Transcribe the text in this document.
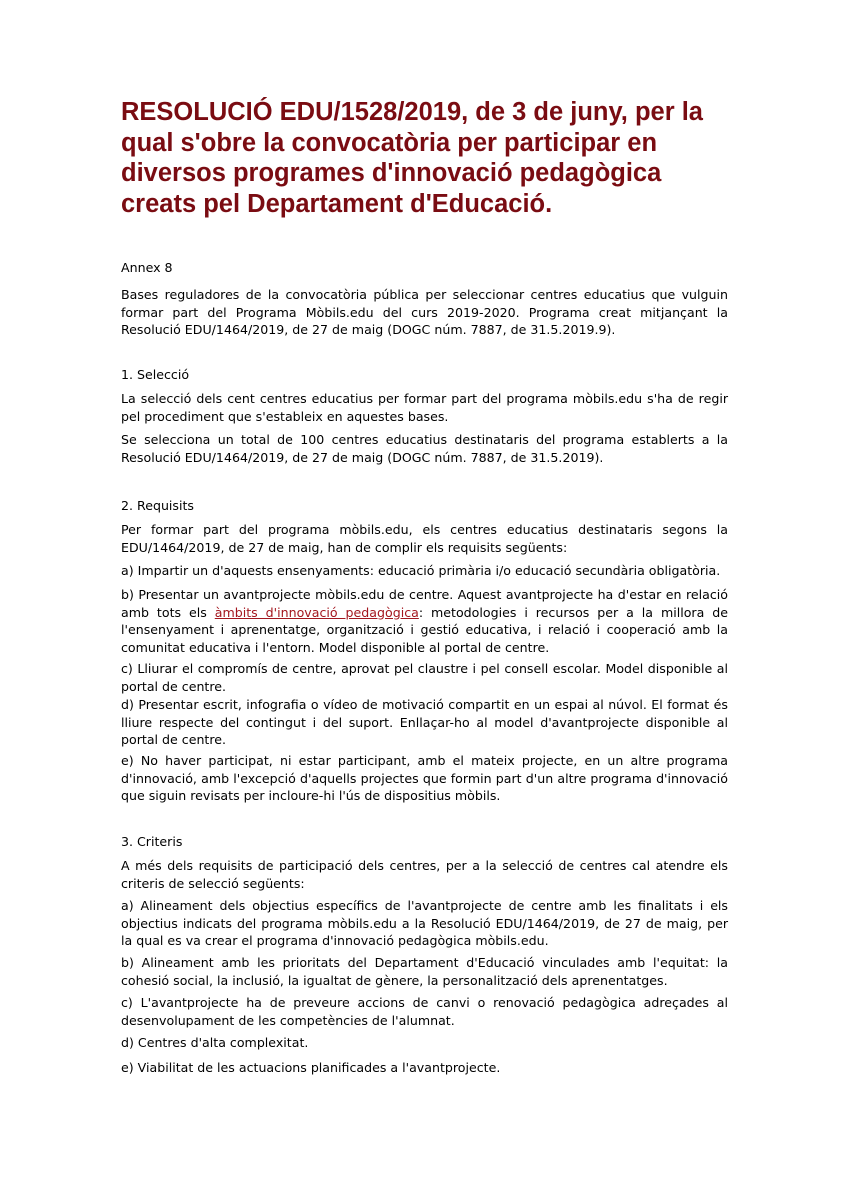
RESOLUCIÓ EDU/1528/2019, de 3 de juny, per la qual s'obre la convocatòria per participar en diversos programes d'innovació pedagògica creats pel Departament d'Educació.

Annex 8

Bases reguladores de la convocatòria pública per seleccionar centres educatius que vulguin formar part del Programa Mòbils.edu del curs 2019-2020. Programa creat mitjançant la Resolució EDU/1464/2019, de 27 de maig (DOGC núm. 7887, de 31.5.2019.9).

1. Selecció

La selecció dels cent centres educatius per formar part del programa mòbils.edu s'ha de regir pel procediment que s'estableix en aquestes bases.

Se selecciona un total de 100 centres educatius destinataris del programa establerts a la Resolució EDU/1464/2019, de 27 de maig (DOGC núm. 7887, de 31.5.2019).

2. Requisits

Per formar part del programa mòbils.edu, els centres educatius destinataris segons la EDU/1464/2019, de 27 de maig, han de complir els requisits següents:

a) Impartir un d'aquests ensenyaments: educació primària i/o educació secundària obligatòria.

b) Presentar un avantprojecte mòbils.edu de centre. Aquest avantprojecte ha d'estar en relació amb tots els àmbits d'innovació pedagògica: metodologies i recursos per a la millora de l'ensenyament i aprenentatge, organització i gestió educativa, i relació i cooperació amb la comunitat educativa i l'entorn. Model disponible al portal de centre.

c) Lliurar el compromís de centre, aprovat pel claustre i pel consell escolar. Model disponible al portal de centre.

d) Presentar escrit, infografia o vídeo de motivació compartit en un espai al núvol. El format és lliure respecte del contingut i del suport. Enllaçar-ho al model d'avantprojecte disponible al portal de centre.

e) No haver participat, ni estar participant, amb el mateix projecte, en un altre programa d'innovació, amb l'excepció d'aquells projectes que formin part d'un altre programa d'innovació que siguin revisats per incloure-hi l'ús de dispositius mòbils.

3. Criteris

A més dels requisits de participació dels centres, per a la selecció de centres cal atendre els criteris de selecció següents:

a) Alineament dels objectius específics de l'avantprojecte de centre amb les finalitats i els objectius indicats del programa mòbils.edu a la Resolució EDU/1464/2019, de 27 de maig, per la qual es va crear el programa d'innovació pedagògica mòbils.edu.

b) Alineament amb les prioritats del Departament d'Educació vinculades amb l'equitat: la cohesió social, la inclusió, la igualtat de gènere, la personalització dels aprenentatges.

c) L'avantprojecte ha de preveure accions de canvi o renovació pedagògica adreçades al desenvolupament de les competències de l'alumnat.

d) Centres d'alta complexitat.

e) Viabilitat de les actuacions planificades a l'avantprojecte.
